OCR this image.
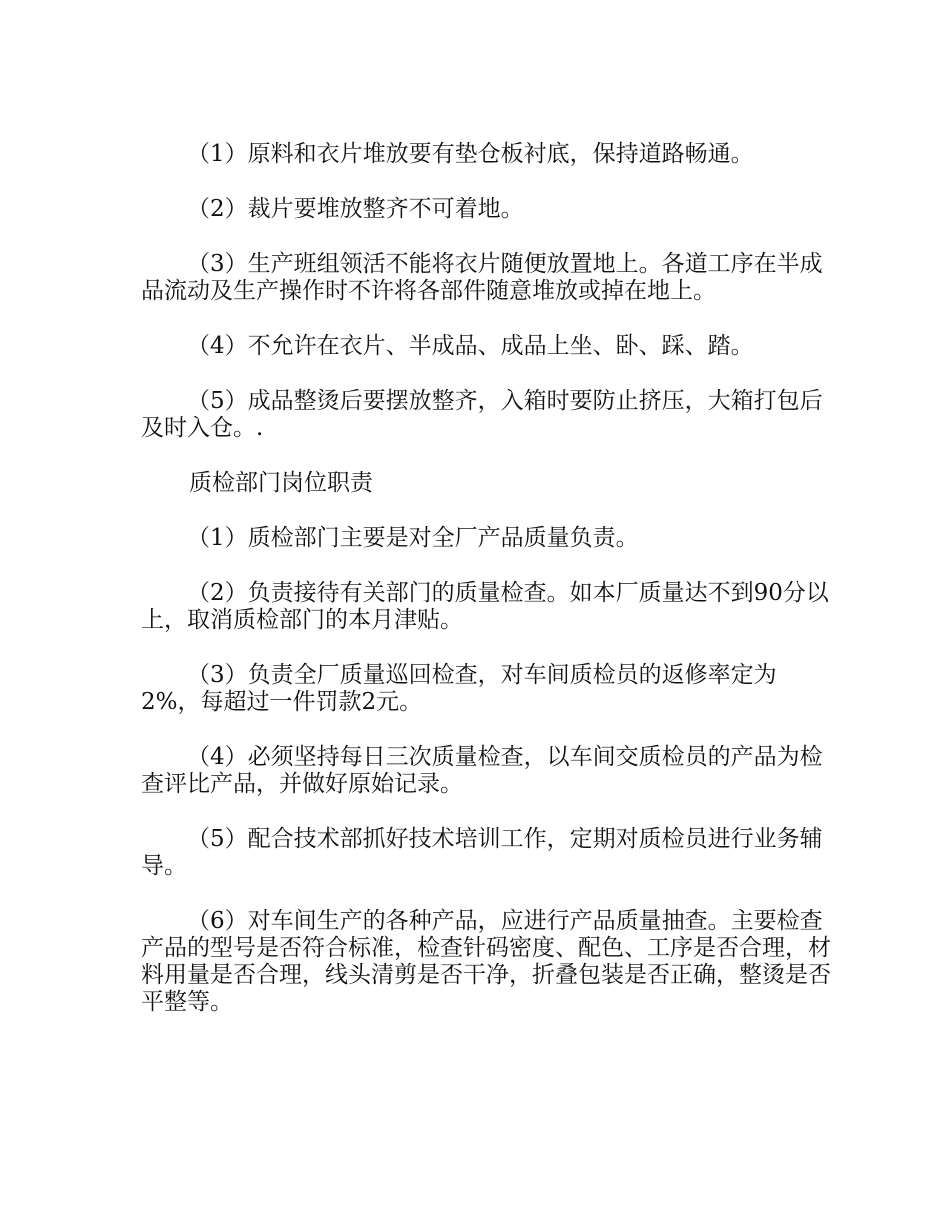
（1）原料和衣片堆放要有垫仓板衬底，保持道路畅通。

（2）裁片要堆放整齐不可着地。

（3）生产班组领活不能将衣片随便放置地上。各道工序在半成品流动及生产操作时不许将各部件随意堆放或掉在地上。

（4）不允许在衣片、半成品、成品上坐、卧、踩、踏。

（5）成品整烫后要摆放整齐，入箱时要防止挤压，大箱打包后及时入仓。.

质检部门岗位职责

（1）质检部门主要是对全厂产品质量负责。

（2）负责接待有关部门的质量检查。如本厂质量达不到90分以上，取消质检部门的本月津贴。

（3）负责全厂质量巡回检查，对车间质检员的返修率定为2%，每超过一件罚款2元。

（4）必须坚持每日三次质量检查，以车间交质检员的产品为检查评比产品，并做好原始记录。

（5）配合技术部抓好技术培训工作，定期对质检员进行业务辅导。

（6）对车间生产的各种产品，应进行产品质量抽查。主要检查产品的型号是否符合标准，检查针码密度、配色、工序是否合理，材料用量是否合理，线头清剪是否干净，折叠包装是否正确，整烫是否平整等。
